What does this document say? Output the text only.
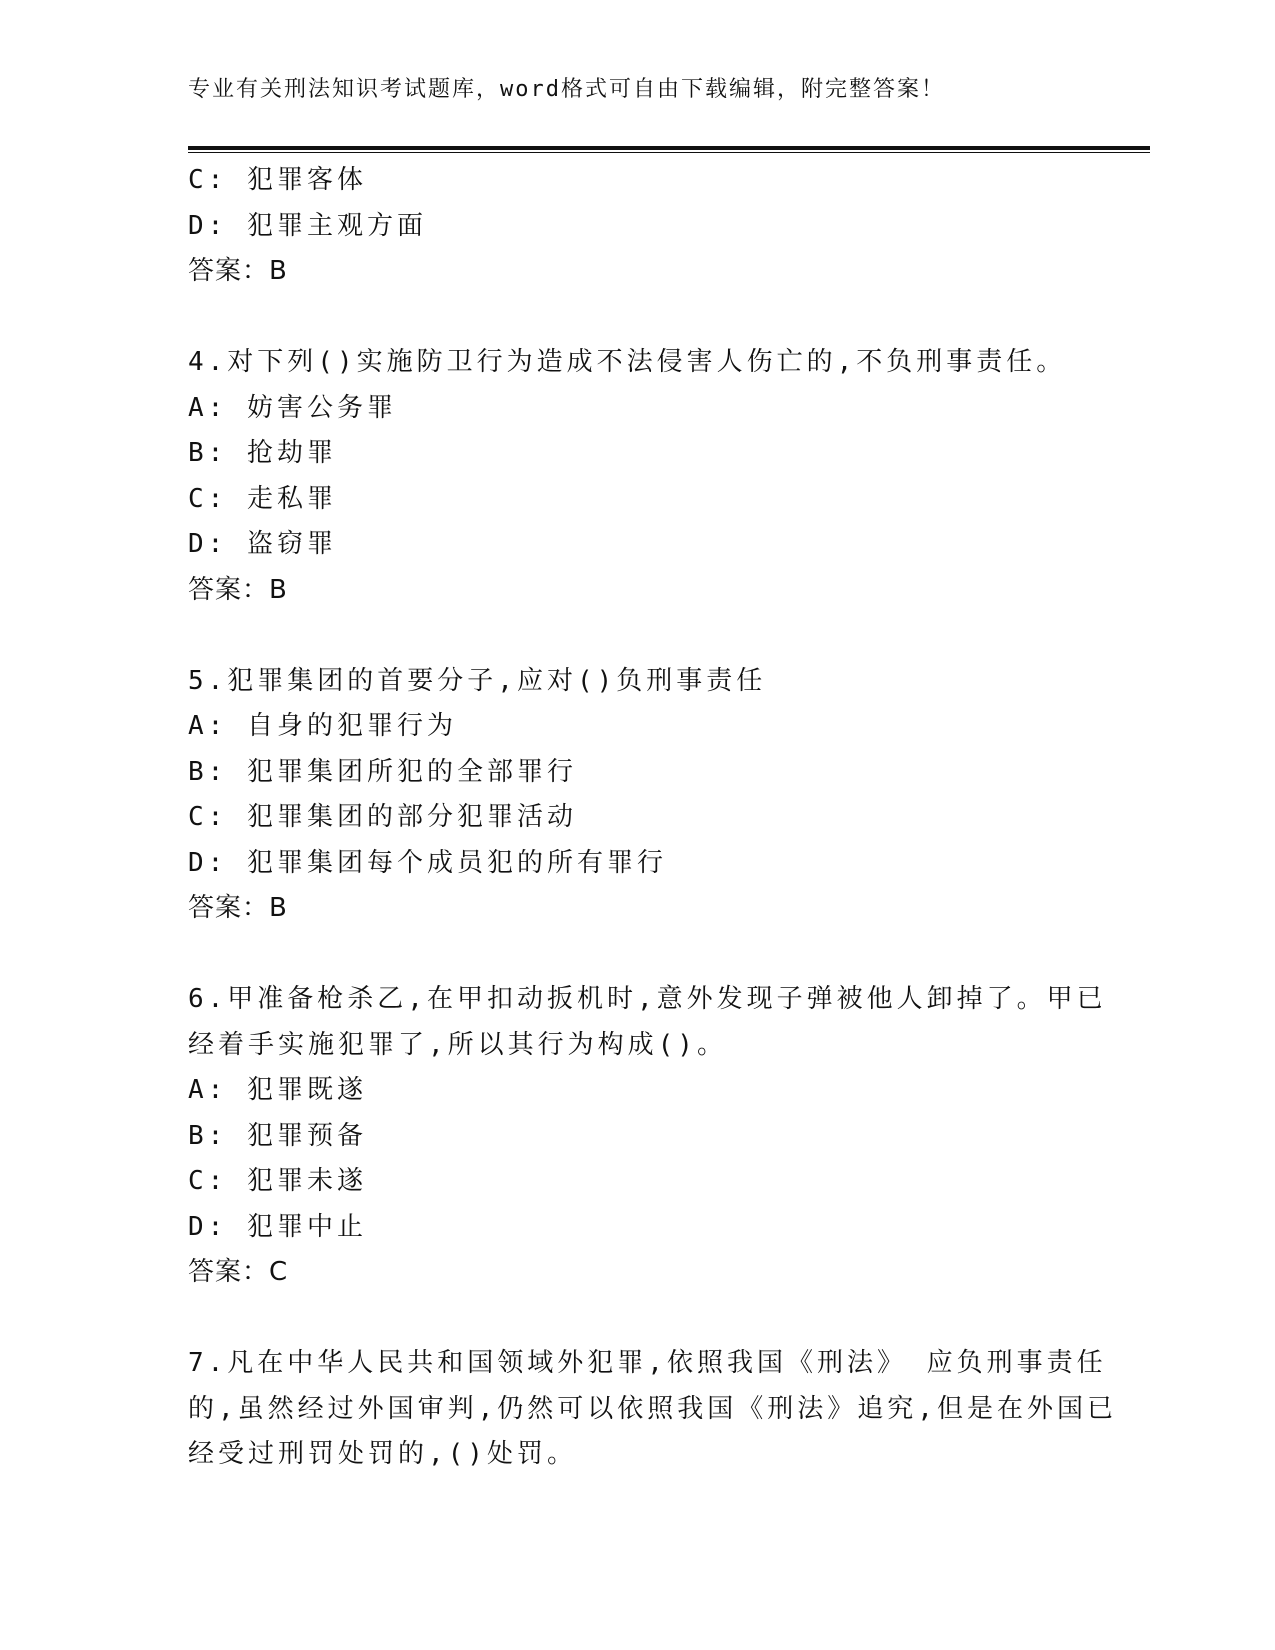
专业有关刑法知识考试题库，word格式可自由下载编辑，附完整答案！
C: 犯罪客体
D: 犯罪主观方面
答案：B
4.对下列()实施防卫行为造成不法侵害人伤亡的,不负刑事责任。
A: 妨害公务罪
B: 抢劫罪
C: 走私罪
D: 盗窃罪
答案：B
5.犯罪集团的首要分子,应对()负刑事责任
A: 自身的犯罪行为
B: 犯罪集团所犯的全部罪行
C: 犯罪集团的部分犯罪活动
D: 犯罪集团每个成员犯的所有罪行
答案：B
6.甲准备枪杀乙,在甲扣动扳机时,意外发现子弹被他人卸掉了。甲已
经着手实施犯罪了,所以其行为构成()。
A: 犯罪既遂
B: 犯罪预备
C: 犯罪未遂
D: 犯罪中止
答案：C
7.凡在中华人民共和国领域外犯罪,依照我国《刑法》 应负刑事责任
的,虽然经过外国审判,仍然可以依照我国《刑法》追究,但是在外国已
经受过刑罚处罚的,()处罚。
